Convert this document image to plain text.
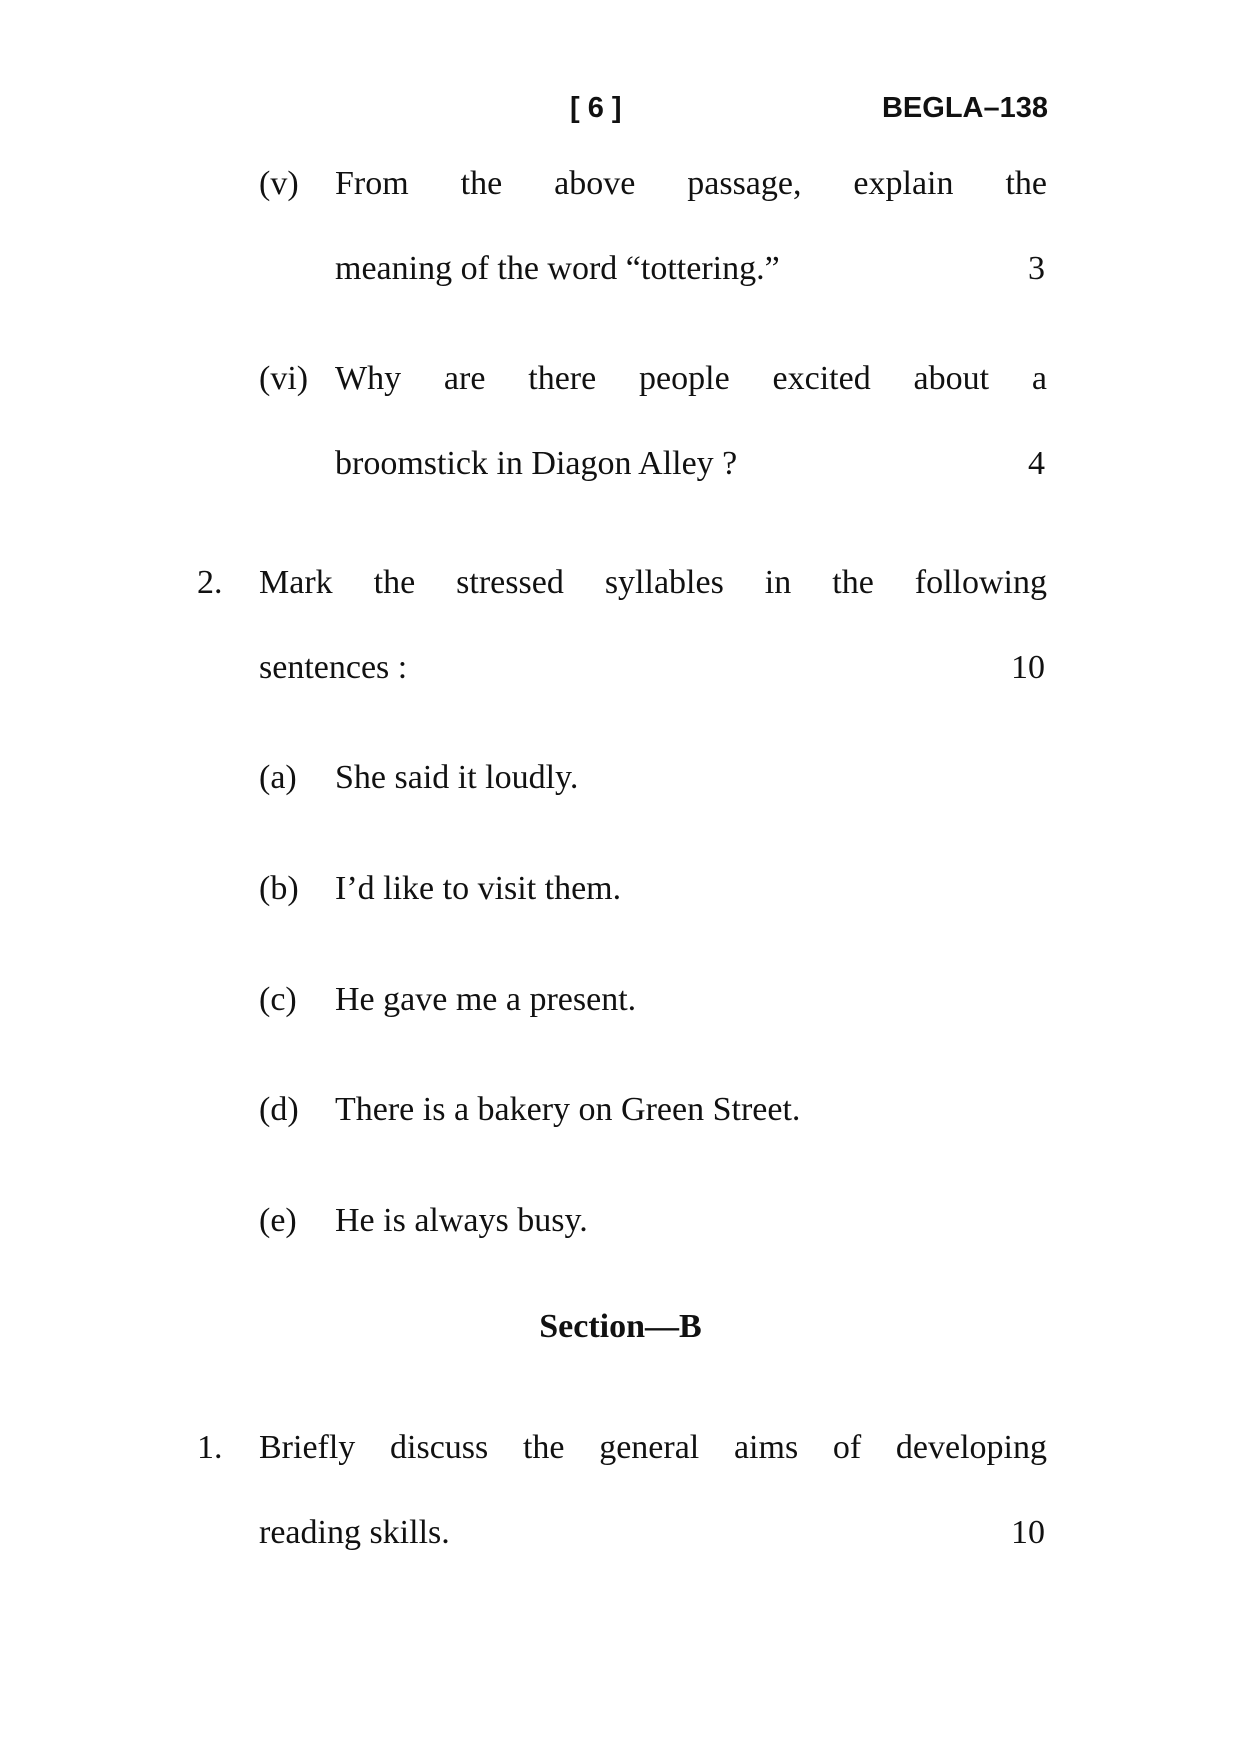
[ 6 ]	BEGLA–138
(v) From the above passage, explain the
meaning of the word “tottering.”	3
(vi) Why are there people excited about a
broomstick in Diagon Alley ?	4
2. Mark the stressed syllables in the following
sentences :	10
(a) She said it loudly.
(b) I’d like to visit them.
(c) He gave me a present.
(d) There is a bakery on Green Street.
(e) He is always busy.
Section—B
1. Briefly discuss the general aims of developing
reading skills.	10
